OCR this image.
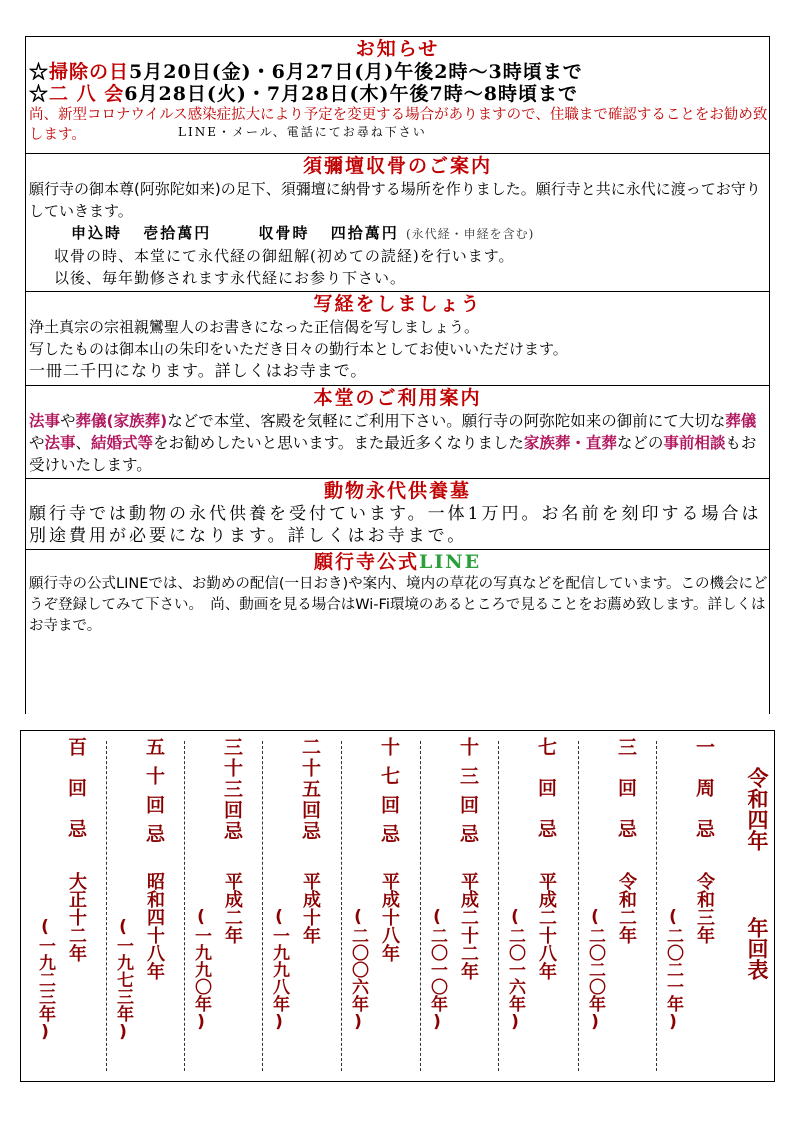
お知らせ
☆掃除の日5月20日(金)・6月27日(月)午後2時～3時頃まで
☆二 八 会6月28日(火)・7月28日(木)午後7時～8時頃まで
尚、新型コロナウイルス感染症拡大により予定を変更する場合がありますので、住職まで確認することをお勧め致します。	LINE・メール、電話にてお尋ね下さい
須彌壇収骨のご案内
願行寺の御本尊(阿弥陀如来)の足下、須彌壇に納骨する場所を作りました。願行寺と共に永代に渡ってお守りしていきます。
申込時 壱拾萬円	収骨時 四拾萬円 (永代経・申経を含む)
収骨の時、本堂にて永代経の御紐解(初めての読経)を行います。
以後、毎年勤修されます永代経にお参り下さい。
写経をしましょう
浄土真宗の宗祖親鸞聖人のお書きになった正信偈を写しましょう。
写したものは御本山の朱印をいただき日々の勤行本としてお使いいただけます。
一冊二千円になります。詳しくはお寺まで。
本堂のご利用案内
法事や葬儀(家族葬)などで本堂、客殿を気軽にご利用下さい。願行寺の阿弥陀如来の御前にて大切な葬儀や法事、結婚式等をお勧めしたいと思います。また最近多くなりました家族葬・直葬などの事前相談もお受けいたします。
動物永代供養墓
願行寺では動物の永代供養を受付ています。一体1万円。お名前を刻印する場合は別途費用が必要になります。詳しくはお寺まで。
願行寺公式LINE
願行寺の公式LINEでは、お勤めの配信(一日おき)や案内、境内の草花の写真などを配信しています。この機会にどうぞ登録してみて下さい。　尚、動画を見る場合はWi-Fi環境のあるところで見ることをお薦め致します。詳しくはお寺まで。
令和四年
年回表
一周忌
令和三年
(二〇二一年)
三回忌
令和二年
(二〇二〇年)
七回忌
平成二十八年
(二〇一六年)
十三回忌
平成二十二年
(二〇一〇年)
十七回忌
平成十八年
(二〇〇六年)
二十五回忌
平成十年
(一九九八年)
三十三回忌
平成二年
(一九九〇年)
五十回忌
昭和四十八年
(一九七三年)
百回忌
大正十二年
(一九二三年)
